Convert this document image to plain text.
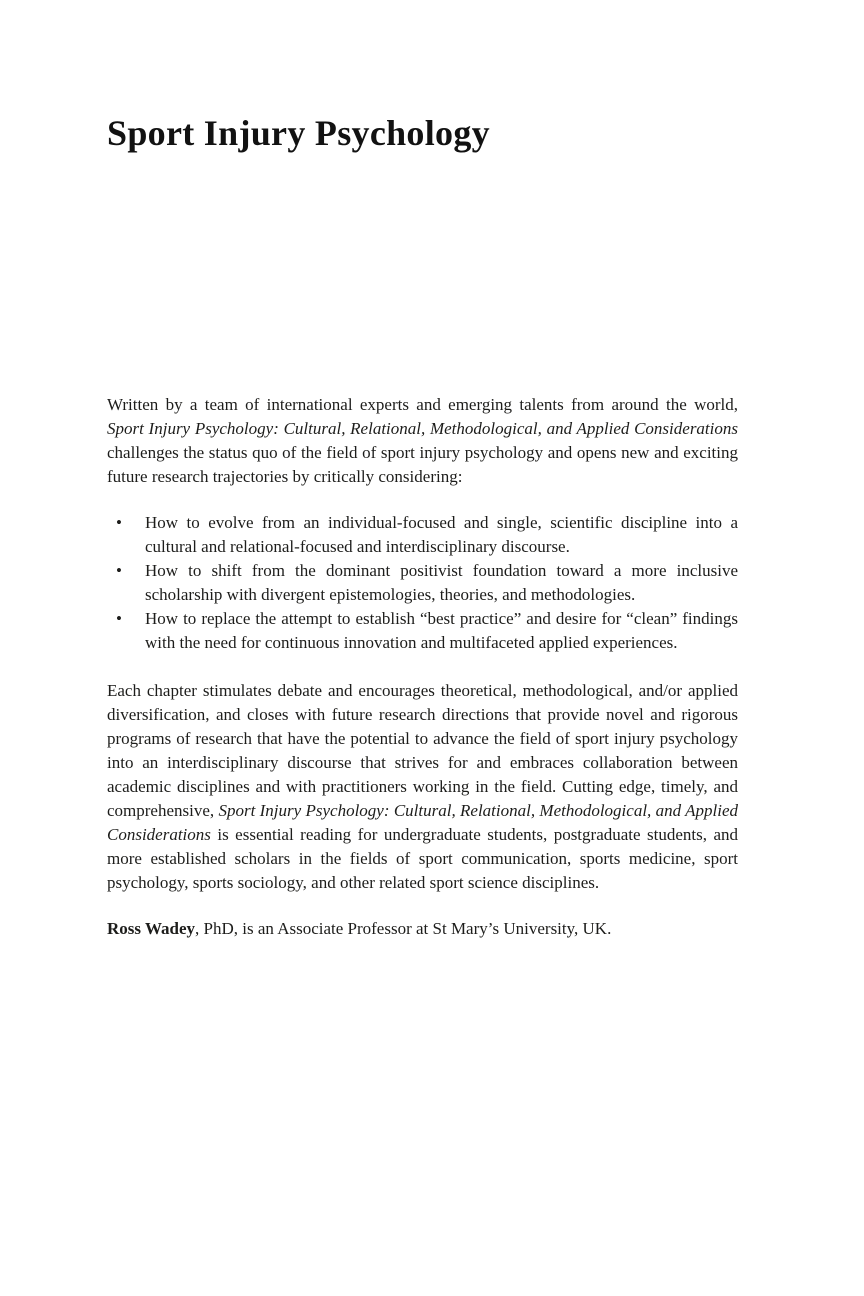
Sport Injury Psychology

Written by a team of international experts and emerging talents from around the world, Sport Injury Psychology: Cultural, Relational, Methodological, and Applied Considerations challenges the status quo of the field of sport injury psychology and opens new and exciting future research trajectories by critically considering:

• How to evolve from an individual-focused and single, scientific discipline into a cultural and relational-focused and interdisciplinary discourse.
• How to shift from the dominant positivist foundation toward a more inclusive scholarship with divergent epistemologies, theories, and methodologies.
• How to replace the attempt to establish “best practice” and desire for “clean” findings with the need for continuous innovation and multifaceted applied experiences.

Each chapter stimulates debate and encourages theoretical, methodological, and/or applied diversification, and closes with future research directions that provide novel and rigorous programs of research that have the potential to advance the field of sport injury psychology into an interdisciplinary discourse that strives for and embraces collaboration between academic disciplines and with practitioners working in the field. Cutting edge, timely, and comprehensive, Sport Injury Psychology: Cultural, Relational, Methodological, and Applied Considerations is essential reading for undergraduate students, postgraduate students, and more established scholars in the fields of sport communication, sports medicine, sport psychology, sports sociology, and other related sport science disciplines.

Ross Wadey, PhD, is an Associate Professor at St Mary’s University, UK.
